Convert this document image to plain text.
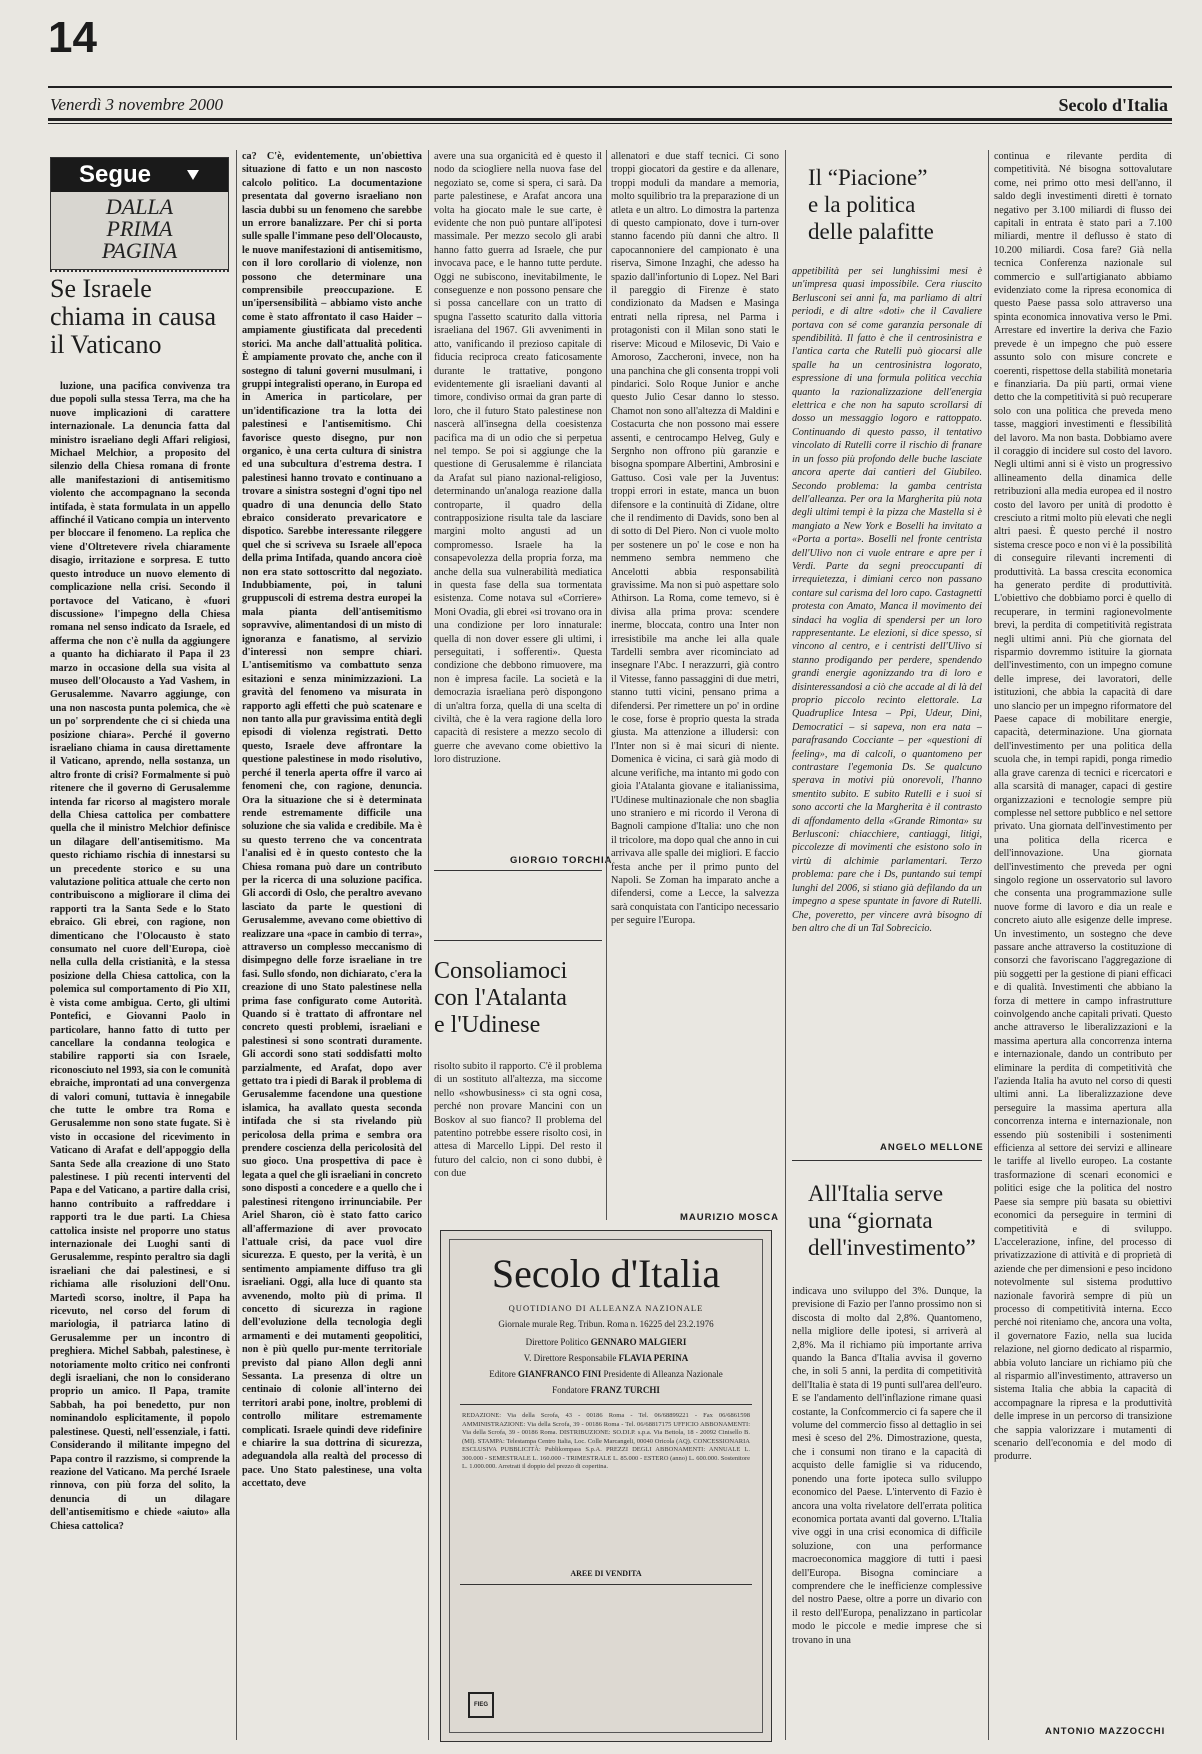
14
Venerdì 3 novembre 2000	Secolo d'Italia
Segue
DALLA
PRIMA
PAGINA
Se Israele
chiama in causa
il Vaticano

luzione, una pacifica convivenza tra due popoli sulla stessa Terra, ma che ha nuove implicazioni di carattere internazionale. La denuncia fatta dal ministro israeliano degli Affari religiosi, Michael Melchior, a proposito del silenzio della Chiesa romana di fronte alle manifestazioni di antisemitismo violento che accompagnano la seconda intifada, è stata formulata in un appello affinché il Vaticano compia un intervento per bloccare il fenomeno. La replica che viene d'Oltretevere rivela chiaramente disagio, irritazione e sorpresa. E tutto questo introduce un nuovo elemento di complicazione nella crisi. Secondo il portavoce del Vaticano, è «fuori discussione» l'impegno della Chiesa romana nel senso indicato da Israele, ed afferma che non c'è nulla da aggiungere a quanto ha dichiarato il Papa il 23 marzo in occasione della sua visita al museo dell'Olocausto a Yad Vashem, in Gerusalemme. Navarro aggiunge, con una non nascosta punta polemica, che «è un po' sorprendente che ci si chieda una posizione chiara». Perché il governo israeliano chiama in causa direttamente il Vaticano, aprendo, nella sostanza, un altro fronte di crisi? Formalmente si può ritenere che il governo di Gerusalemme intenda far ricorso al magistero morale della Chiesa cattolica per combattere quella che il ministro Melchior definisce un dilagare dell'antisemitismo. Ma questo richiamo rischia di innestarsi su un precedente storico e su una valutazione politica attuale che certo non contribuiscono a migliorare il clima dei rapporti tra la Santa Sede e lo Stato ebraico. Gli ebrei, con ragione, non dimenticano che l'Olocausto è stato consumato nel cuore dell'Europa, cioè nella culla della cristianità, e la stessa posizione della Chiesa cattolica, con la polemica sul comportamento di Pio XII, è vista come ambigua. Certo, gli ultimi Pontefici, e Giovanni Paolo in particolare, hanno fatto di tutto per cancellare la condanna teologica e stabilire rapporti sia con Israele, riconosciuto nel 1993, sia con le comunità ebraiche, improntati ad una convergenza di valori comuni, tuttavia è innegabile che tutte le ombre tra Roma e Gerusalemme non sono state fugate. Si è visto in occasione del ricevimento in Vaticano di Arafat e dell'appoggio della Santa Sede alla creazione di uno Stato palestinese. I più recenti interventi del Papa e del Vaticano, a partire dalla crisi, hanno contribuito a raffreddare i rapporti tra le due parti. La Chiesa cattolica insiste nel proporre uno status internazionale dei Luoghi santi di Gerusalemme, respinto peraltro sia dagli israeliani che dai palestinesi, e si richiama alle risoluzioni dell'Onu. Martedì scorso, inoltre, il Papa ha ricevuto, nel corso del forum di mariologia, il patriarca latino di Gerusalemme per un incontro di preghiera. Michel Sabbah, palestinese, è notoriamente molto critico nei confronti degli israeliani, che non lo considerano proprio un amico. Il Papa, tramite Sabbah, ha poi benedetto, pur non nominandolo esplicitamente, il popolo palestinese. Questi, nell'essenziale, i fatti. Considerando il militante impegno del Papa contro il razzismo, si comprende la reazione del Vaticano. Ma perché Israele rinnova, con più forza del solito, la denuncia di un dilagare dell'antisemitismo e chiede «aiuto» alla Chiesa cattolica?

ca? C'è, evidentemente, un'obiettiva situazione di fatto e un non nascosto calcolo politico. La documentazione presentata dal governo israeliano non lascia dubbi su un fenomeno che sarebbe un errore banalizzare. Per chi si porta sulle spalle l'immane peso dell'Olocausto, le nuove manifestazioni di antisemitismo, con il loro corollario di violenze, non possono che determinare una comprensibile preoccupazione. E un'ipersensibilità – abbiamo visto anche come è stato affrontato il caso Haider – ampiamente giustificata dal precedenti storici. Ma anche dall'attualità politica. È ampiamente provato che, anche con il sostegno di taluni governi musulmani, i gruppi integralisti operano, in Europa ed in America in particolare, per un'identificazione tra la lotta dei palestinesi e l'antisemitismo. Chi favorisce questo disegno, pur non organico, è una certa cultura di sinistra ed una subcultura d'estrema destra. I palestinesi hanno trovato e continuano a trovare a sinistra sostegni d'ogni tipo nel quadro di una denuncia dello Stato ebraico considerato prevaricatore e dispotico. Sarebbe interessante rileggere quel che si scriveva su Israele all'epoca della prima Intifada, quando ancora cioè non era stato sottoscritto dal negoziato. Indubbiamente, poi, in taluni gruppuscoli di estrema destra europei la mala pianta dell'antisemitismo sopravvive, alimentandosi di un misto di ignoranza e fanatismo, al servizio d'interessi non sempre chiari. L'antisemitismo va combattuto senza esitazioni e senza minimizzazioni. La gravità del fenomeno va misurata in rapporto agli effetti che può scatenare e non tanto alla pur gravissima entità degli episodi di violenza registrati. Detto questo, Israele deve affrontare la questione palestinese in modo risolutivo, perché il tenerla aperta offre il varco ai fenomeni che, con ragione, denuncia. Ora la situazione che si è determinata rende estremamente difficile una soluzione che sia valida e credibile. Ma è su questo terreno che va concentrata l'analisi ed è in questo contesto che la Chiesa romana può dare un contributo per la ricerca di una soluzione pacifica. Gli accordi di Oslo, che peraltro avevano lasciato da parte le questioni di Gerusalemme, avevano come obiettivo di realizzare una «pace in cambio di terra», attraverso un complesso meccanismo di disimpegno delle forze israeliane in tre fasi. Sullo sfondo, non dichiarato, c'era la creazione di uno Stato palestinese nella prima fase configurato come Autorità. Quando si è trattato di affrontare nel concreto questi problemi, israeliani e palestinesi si sono scontrati duramente. Gli accordi sono stati soddisfatti molto parzialmente, ed Arafat, dopo aver gettato tra i piedi di Barak il problema di Gerusalemme facendone una questione islamica, ha avallato questa seconda intifada che si sta rivelando più pericolosa della prima e sembra ora prendere coscienza della pericolosità del suo gioco. Una prospettiva di pace è legata a quel che gli israeliani in concreto sono disposti a concedere e a quello che i palestinesi ritengono irrinunciabile. Per Ariel Sharon, ciò è stato fatto carico all'affermazione di aver provocato l'attuale crisi, da pace vuol dire sicurezza. E questo, per la verità, è un sentimento ampiamente diffuso tra gli israeliani. Oggi, alla luce di quanto sta avvenendo, molto più di prima. Il concetto di sicurezza in ragione dell'evoluzione della tecnologia degli armamenti e dei mutamenti geopolitici, non è più quello pur-mente territoriale previsto dal piano Allon degli anni Sessanta. La presenza di oltre un centinaio di colonie all'interno dei territori arabi pone, inoltre, problemi di controllo militare estremamente complicati. Israele quindi deve ridefinire e chiarire la sua dottrina di sicurezza, adeguandola alla realtà del processo di pace. Uno Stato palestinese, una volta accettato, deve

avere una sua organicità ed è questo il nodo da sciogliere nella nuova fase del negoziato se, come si spera, ci sarà. Da parte palestinese, e Arafat ancora una volta ha giocato male le sue carte, è evidente che non può puntare all'ipotesi massimale. Per mezzo secolo gli arabi hanno fatto guerra ad Israele, che pur invocava pace, e le hanno tutte perdute. Oggi ne subiscono, inevitabilmente, le conseguenze e non possono pensare che si possa cancellare con un tratto di spugna l'assetto scaturito dalla vittoria israeliana del 1967. Gli avvenimenti in atto, vanificando il prezioso capitale di fiducia reciproca creato faticosamente durante le trattative, pongono evidentemente gli israeliani davanti al timore, condiviso ormai da gran parte di loro, che il futuro Stato palestinese non nascerà all'insegna della coesistenza pacifica ma di un odio che si perpetua nel tempo. Se poi si aggiunge che la questione di Gerusalemme è rilanciata da Arafat sul piano nazional-religioso, determinando un'analoga reazione dalla controparte, il quadro della contrapposizione risulta tale da lasciare margini molto angusti ad un compromesso. Israele ha la consapevolezza della propria forza, ma anche della sua vulnerabilità mediatica in questa fase della sua tormentata esistenza. Come notava sul «Corriere» Moni Ovadia, gli ebrei «si trovano ora in una condizione per loro innaturale: quella di non dover essere gli ultimi, i perseguitati, i sofferenti». Questa condizione che debbono rimuovere, ma non è impresa facile. La società e la democrazia israeliana però dispongono di un'altra forza, quella di una scelta di civiltà, che è la vera ragione della loro capacità di resistere a mezzo secolo di guerre che avevano come obiettivo la loro distruzione.

GIORGIO TORCHIA
Consoliamoci
con l'Atalanta
e l'Udinese

risolto subito il rapporto. C'è il problema di un sostituto all'altezza, ma siccome nello «showbusiness» ci sta ogni cosa, perché non provare Mancini con un Boskov al suo fianco? Il problema del patentino potrebbe essere risolto così, in attesa di Marcello Lippi. Del resto il futuro del calcio, non ci sono dubbi, è con due

allenatori e due staff tecnici. Ci sono troppi giocatori da gestire e da allenare, troppi moduli da mandare a memoria, molto squilibrio tra la preparazione di un atleta e un altro. Lo dimostra la partenza di questo campionato, dove i turn-over stanno facendo più danni che altro. Il capocannoniere del campionato è una riserva, Simone Inzaghi, che adesso ha spazio dall'infortunio di Lopez. Nel Bari il pareggio di Firenze è stato condizionato da Madsen e Masinga entrati nella ripresa, nel Parma i protagonisti con il Milan sono stati le riserve: Micoud e Milosevic, Di Vaio e Amoroso, Zaccheroni, invece, non ha una panchina che gli consenta troppi voli pindarici. Solo Roque Junior e anche questo Julio Cesar danno lo stesso. Chamot non sono all'altezza di Maldini e Costacurta che non possono mai essere assenti, e centrocampo Helveg, Guly e Sergnho non offrono più garanzie e bisogna spompare Albertini, Ambrosini e Gattuso. Così vale per la Juventus: troppi errori in estate, manca un buon difensore e la continuità di Zidane, oltre che il rendimento di Davids, sono ben al di sotto di Del Piero. Non ci vuole molto per sostenere un po' le cose e non ha nemmeno sembra nemmeno che Ancelotti abbia responsabilità gravissime. Ma non si può aspettare solo Athirson. La Roma, come temevo, si è divisa alla prima prova: scendere inerme, bloccata, contro una Inter non irresistibile ma anche lei alla quale Tardelli sembra aver ricominciato ad insegnare l'Abc. I nerazzurri, già contro il Vitesse, fanno passaggini di due metri, stanno tutti vicini, pensano prima a difendersi. Per rimettere un po' in ordine le cose, forse è proprio questa la strada giusta. Ma attenzione a illudersi: con l'Inter non si è mai sicuri di niente. Domenica è vicina, ci sarà già modo di alcune verifiche, ma intanto mi godo con gioia l'Atalanta giovane e italianissima, l'Udinese multinazionale che non sbaglia uno straniero e mi ricordo il Verona di Bagnoli campione d'Italia: uno che non il tricolore, ma dopo qual che anno in cui arrivava alle spalle dei migliori. E faccio festa anche per il primo punto del Napoli. Se Zoman ha imparato anche a difendersi, come a Lecce, la salvezza sarà conquistata con l'anticipo necessario per seguire l'Europa.

MAURIZIO MOSCA
Il “Piacione”
e la politica
delle palafitte

appetibilità per sei lunghissimi mesi è un'impresa quasi impossibile. Cera riuscito Berlusconi sei anni fa, ma parliamo di altri periodi, e di altre «doti» che il Cavaliere portava con sé come garanzia personale di spendibilità. Il fatto è che il centrosinistra e l'antica carta che Rutelli può giocarsi alle spalle ha un centrosinistra logorato, espressione di una formula politica vecchia quanto la razionalizzazione dell'energia elettrica e che non ha saputo scrollarsi di dosso un messaggio logoro e rattoppato. Continuando di questo passo, il tentativo vincolato di Rutelli corre il rischio di franare in un fosso più profondo delle buche lasciate ancora aperte dai cantieri del Giubileo. Secondo problema: la gamba centrista dell'alleanza. Per ora la Margherita più nota degli ultimi tempi è la pizza che Mastella si è mangiato a New York e Boselli ha invitato a «Porta a porta». Boselli nel fronte centrista dell'Ulivo non ci vuole entrare e apre per i Verdi. Parte da segni preoccupanti di irrequietezza, i dimiani cerco non passano contare sul carisma del loro capo. Castagnetti protesta con Amato, Manca il movimento dei sindaci ha voglia di spendersi per un loro rappresentante. Le elezioni, si dice spesso, si vincono al centro, e i centristi dell'Ulivo si stanno prodigando per perdere, spendendo grandi energie agonizzando tra di loro e disinteressandosi a ciò che accade al di là del proprio piccolo recinto elettorale. La Quadruplice Intesa – Ppi, Udeur, Dini, Democratici – si sapeva, non era nata – parafrasando Cocciante – per «questioni di feeling», ma di calcoli, o quantomeno per contrastare l'egemonia Ds. Se qualcuno sperava in motivi più onorevoli, l'hanno smentito subito. E subito Rutelli e i suoi si sono accorti che la Margherita è il contrasto di affondamento della «Grande Rimonta» su Berlusconi: chiacchiere, cantiaggi, litigi, piccolezze di movimenti che esistono solo in virtù di alchimie parlamentari. Terzo problema: pare che i Ds, puntando sui tempi lunghi del 2006, si stiano già defilando da un impegno a spese spuntate in favore di Rutelli. Che, poveretto, per vincere avrà bisogno di ben altro che di un Tal Sobrecicio.

ANGELO MELLONE
All'Italia serve
una “giornata
dell'investimento”

indicava uno sviluppo del 3%. Dunque, la previsione di Fazio per l'anno prossimo non si discosta di molto dal 2,8%. Quantomeno, nella migliore delle ipotesi, si arriverà al 2,8%. Ma il richiamo più importante arriva quando la Banca d'Italia avvisa il governo che, in soli 5 anni, la perdita di competitività dell'Italia è stata di 19 punti sull'area dell'euro. E se l'andamento dell'inflazione rimane quasi costante, la Confcommercio ci fa sapere che il volume del commercio fisso al dettaglio in sei mesi è sceso del 2%. Dimostrazione, questa, che i consumi non tirano e la capacità di acquisto delle famiglie si va riducendo, ponendo una forte ipoteca sullo sviluppo economico del Paese. L'intervento di Fazio è ancora una volta rivelatore dell'errata politica economica portata avanti dal governo. L'Italia vive oggi in una crisi economica di difficile soluzione, con una performance macroeconomica maggiore di tutti i paesi dell'Europa. Bisogna cominciare a comprendere che le inefficienze complessive del nostro Paese, oltre a porre un divario con il resto dell'Europa, penalizzano in particolar modo le piccole e medie imprese che si trovano in una

continua e rilevante perdita di competitività. Né bisogna sottovalutare come, nei primo otto mesi dell'anno, il saldo degli investimenti diretti è tornato negativo per 3.100 miliardi di flusso dei capitali in entrata è stato pari a 7.100 miliardi, mentre il deflusso è stato di 10.200 miliardi. Cosa fare? Già nella tecnica Conferenza nazionale sul commercio e sull'artigianato abbiamo evidenziato come la ripresa economica di questo Paese passa solo attraverso una spinta economica innovativa verso le Pmi. Arrestare ed invertire la deriva che Fazio prevede è un impegno che può essere assunto solo con misure concrete e coerenti, rispettose della stabilità monetaria e finanziaria. Da più parti, ormai viene detto che la competitività si può recuperare solo con una politica che preveda meno tasse, maggiori investimenti e flessibilità del lavoro. Ma non basta. Dobbiamo avere il coraggio di incidere sul costo del lavoro. Negli ultimi anni si è visto un progressivo allineamento della dinamica delle retribuzioni alla media europea ed il nostro costo del lavoro per unità di prodotto è cresciuto a ritmi molto più elevati che negli altri paesi. È questo perché il nostro sistema cresce poco e non vi è la possibilità di conseguire rilevanti incrementi di produttività. La bassa crescita economica ha generato perdite di produttività. L'obiettivo che dobbiamo porci è quello di recuperare, in termini ragionevolmente brevi, la perdita di competitività registrata negli ultimi anni. Più che giornata del risparmio dovremmo istituire la giornata dell'investimento, con un impegno comune delle imprese, dei lavoratori, delle istituzioni, che abbia la capacità di dare uno slancio per un impegno riformatore del Paese capace di mobilitare energie, capacità, determinazione. Una giornata dell'investimento per una politica della scuola che, in tempi rapidi, ponga rimedio alla grave carenza di tecnici e ricercatori e alla scarsità di manager, capaci di gestire organizzazioni e tecnologie sempre più complesse nel settore pubblico e nel settore privato. Una giornata dell'investimento per una politica della ricerca e dell'innovazione. Una giornata dell'investimento che preveda per ogni singolo regione un osservatorio sul lavoro che consenta una programmazione sulle nuove forme di lavoro e dia un reale e concreto aiuto alle esigenze delle imprese. Un investimento, un sostegno che deve passare anche attraverso la costituzione di consorzi che favoriscano l'aggregazione di più soggetti per la gestione di piani efficaci e di qualità. Investimenti che abbiano la forza di mettere in campo infrastrutture coinvolgendo anche capitali privati. Questo anche attraverso le liberalizzazioni e la massima apertura alla concorrenza interna e internazionale, dando un contributo per eliminare la perdita di competitività che l'azienda Italia ha avuto nel corso di questi ultimi anni. La liberalizzazione deve perseguire la massima apertura alla concorrenza interna e internazionale, non essendo più sostenibili i sostenimenti efficienza al settore dei servizi e allineare le tariffe al livello europeo. La costante trasformazione di scenari economici e politici esige che la politica del nostro Paese sia sempre più basata su obiettivi economici da perseguire in termini di competitività e di sviluppo. L'accelerazione, infine, del processo di privatizzazione di attività e di proprietà di aziende che per dimensioni e peso incidono notevolmente sul sistema produttivo nazionale favorirà sempre di più un processo di competitività interna. Ecco perché noi riteniamo che, ancora una volta, il governatore Fazio, nella sua lucida relazione, nel giorno dedicato al risparmio, abbia voluto lanciare un richiamo più che al risparmio all'investimento, attraverso un sistema Italia che abbia la capacità di accompagnare la ripresa e la produttività delle imprese in un percorso di transizione che sappia valorizzare i mutamenti di scenario dell'economia e del modo di produrre.

ANTONIO MAZZOCCHI
Secolo d'Italia
QUOTIDIANO DI ALLEANZA NAZIONALE
Giornale murale Reg. Tribun. Roma n. 16225 del 23.2.1976
Direttore Politico GENNARO MALGIERI
V. Direttore Responsabile FLAVIA PERINA
Editore GIANFRANCO FINI Presidente di Alleanza Nazionale
Fondatore FRANZ TURCHI
REDAZIONE: Via della Scrofa, 43 - 00186 Roma - Tel. 06/68899221 - Fax 06/6861598 AMMINISTRAZIONE: Via della Scrofa, 39 - 00186 Roma - Tel. 06/68817175 UFFICIO ABBONAMENTI: Via della Scrofa, 39 - 00186 Roma. DISTRIBUZIONE: SO.DI.P. s.p.a. Via Bettola, 18 - 20092 Cinisello B. (MI). STAMPA: Telestampa Centro Italia, Loc. Colle Marcangeli, 00040 Oricola (AQ). CONCESSIONARIA ESCLUSIVA PUBBLICITÀ: Publikompass S.p.A. PREZZI DEGLI ABBONAMENTI: ANNUALE L. 300.000 - SEMESTRALE L. 160.000 - TRIMESTRALE L. 85.000 - ESTERO (anno) L. 600.000. Sostenitore L. 1.000.000. Arretrati il doppio del prezzo di copertina.
AREE DI VENDITA
FIEG
